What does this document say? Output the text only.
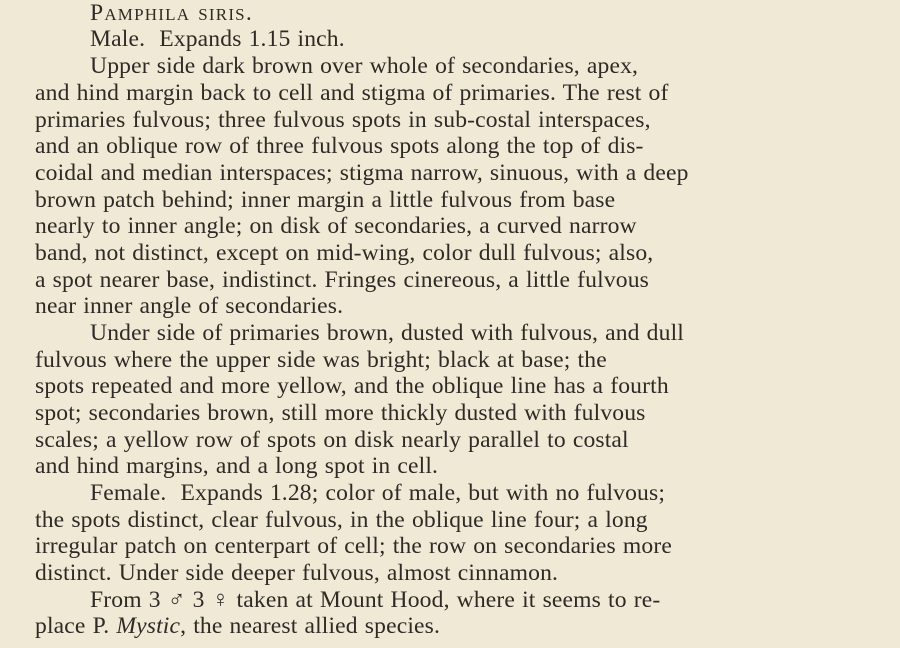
Pamphila siris.
Male.  Expands 1.15 inch.
Upper side dark brown over whole of secondaries, apex,
and hind margin back to cell and stigma of primaries. The rest of
primaries fulvous; three fulvous spots in sub-costal interspaces,
and an oblique row of three fulvous spots along the top of dis-
coidal and median interspaces; stigma narrow, sinuous, with a deep
brown patch behind; inner margin a little fulvous from base
nearly to inner angle; on disk of secondaries, a curved narrow
band, not distinct, except on mid-wing, color dull fulvous; also,
a spot nearer base, indistinct. Fringes cinereous, a little fulvous
near inner angle of secondaries.
Under side of primaries brown, dusted with fulvous, and dull
fulvous where the upper side was bright; black at base; the
spots repeated and more yellow, and the oblique line has a fourth
spot; secondaries brown, still more thickly dusted with fulvous
scales; a yellow row of spots on disk nearly parallel to costal
and hind margins, and a long spot in cell.
Female.  Expands 1.28; color of male, but with no fulvous;
the spots distinct, clear fulvous, in the oblique line four; a long
irregular patch on centerpart of cell; the row on secondaries more
distinct. Under side deeper fulvous, almost cinnamon.
From 3 ♂ 3 ♀ taken at Mount Hood, where it seems to re-
place P. Mystic, the nearest allied species.
